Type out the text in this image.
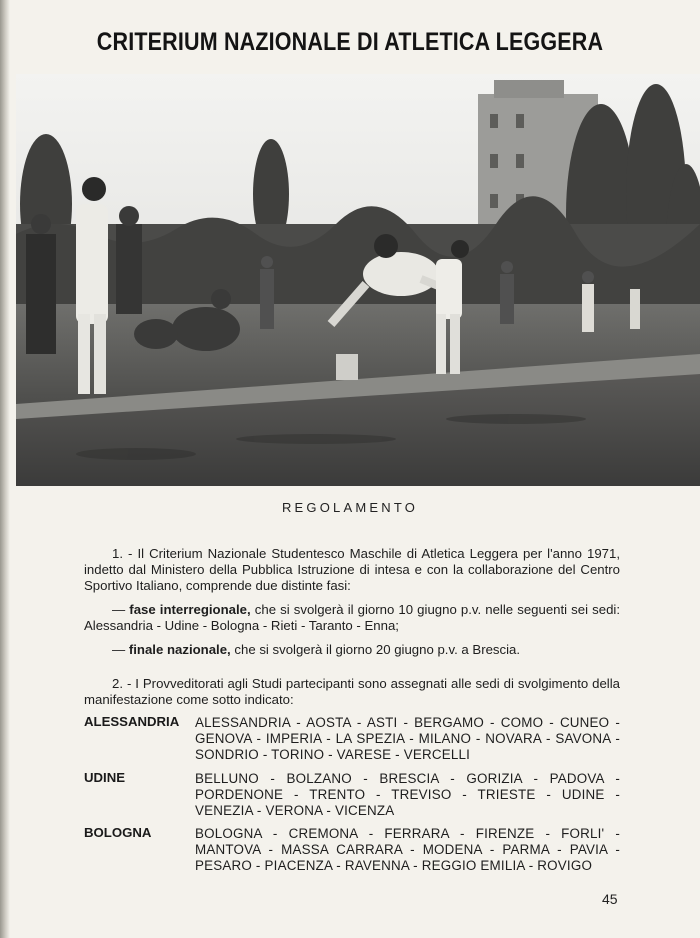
CRITERIUM NAZIONALE DI ATLETICA LEGGERA
REGOLAMENTO
1. - Il Criterium Nazionale Studentesco Maschile di Atletica Leggera per l'anno 1971, indetto dal Ministero della Pubblica Istruzione di intesa e con la collaborazione del Centro Sportivo Italiano, comprende due distinte fasi:
— fase interregionale, che si svolgerà il giorno 10 giugno p.v. nelle seguenti sei sedi: Alessandria - Udine - Bologna - Rieti - Taranto - Enna;
— finale nazionale, che si svolgerà il giorno 20 giugno p.v. a Brescia.
2. - I Provveditorati agli Studi partecipanti sono assegnati alle sedi di svolgimento della manifestazione come sotto indicato:
ALESSANDRIA ALESSANDRIA - AOSTA - ASTI - BERGAMO - COMO - CUNEO - GENOVA - IMPERIA - LA SPEZIA - MILANO - NOVARA - SAVONA - SONDRIO - TORINO - VARESE - VERCELLI
UDINE	BELLUNO - BOLZANO - BRESCIA - GORIZIA - PADOVA - PORDENONE - TRENTO - TREVISO - TRIESTE - UDINE - VENEZIA - VERONA - VICENZA
BOLOGNA	BOLOGNA - CREMONA - FERRARA - FIRENZE - FORLI' - MANTOVA - MASSA CARRARA - MODENA - PARMA - PAVIA - PESARO - PIACENZA - RAVENNA - REGGIO EMILIA - ROVIGO
45
